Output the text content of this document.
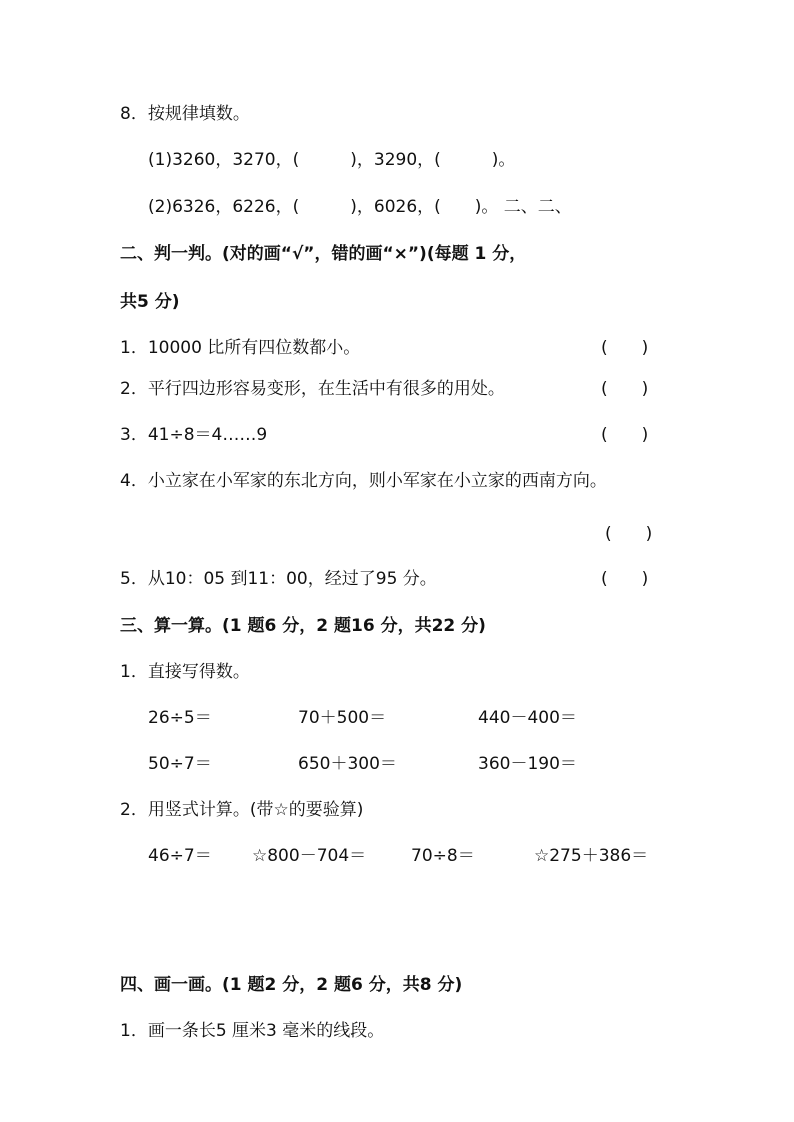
8．按规律填数。
(1)3260，3270，(　　　)，3290，(　　　)。
(2)6326，6226，(　　　)，6026，(　　)。 二、二、
二、判一判。(对的画“√”，错的画“×”)(每题 1 分，
共5 分)
1．10000 比所有四位数都小。	(　　)
2．平行四边形容易变形，在生活中有很多的用处。	(　　)
3．41÷8＝4……9	(　　)
4．小立家在小军家的东北方向，则小军家在小立家的西南方向。
(　　)
5．从10：05 到11：00，经过了95 分。	(　　)
三、算一算。(1 题6 分，2 题16 分，共22 分)
1．直接写得数。
26÷5＝	70＋500＝	440－400＝
50÷7＝	650＋300＝	360－190＝
2．用竖式计算。(带☆的要验算)
46÷7＝ ☆800－704＝	70÷8＝	☆275＋386＝
四、画一画。(1 题2 分，2 题6 分，共8 分)
1．画一条长5 厘米3 毫米的线段。
